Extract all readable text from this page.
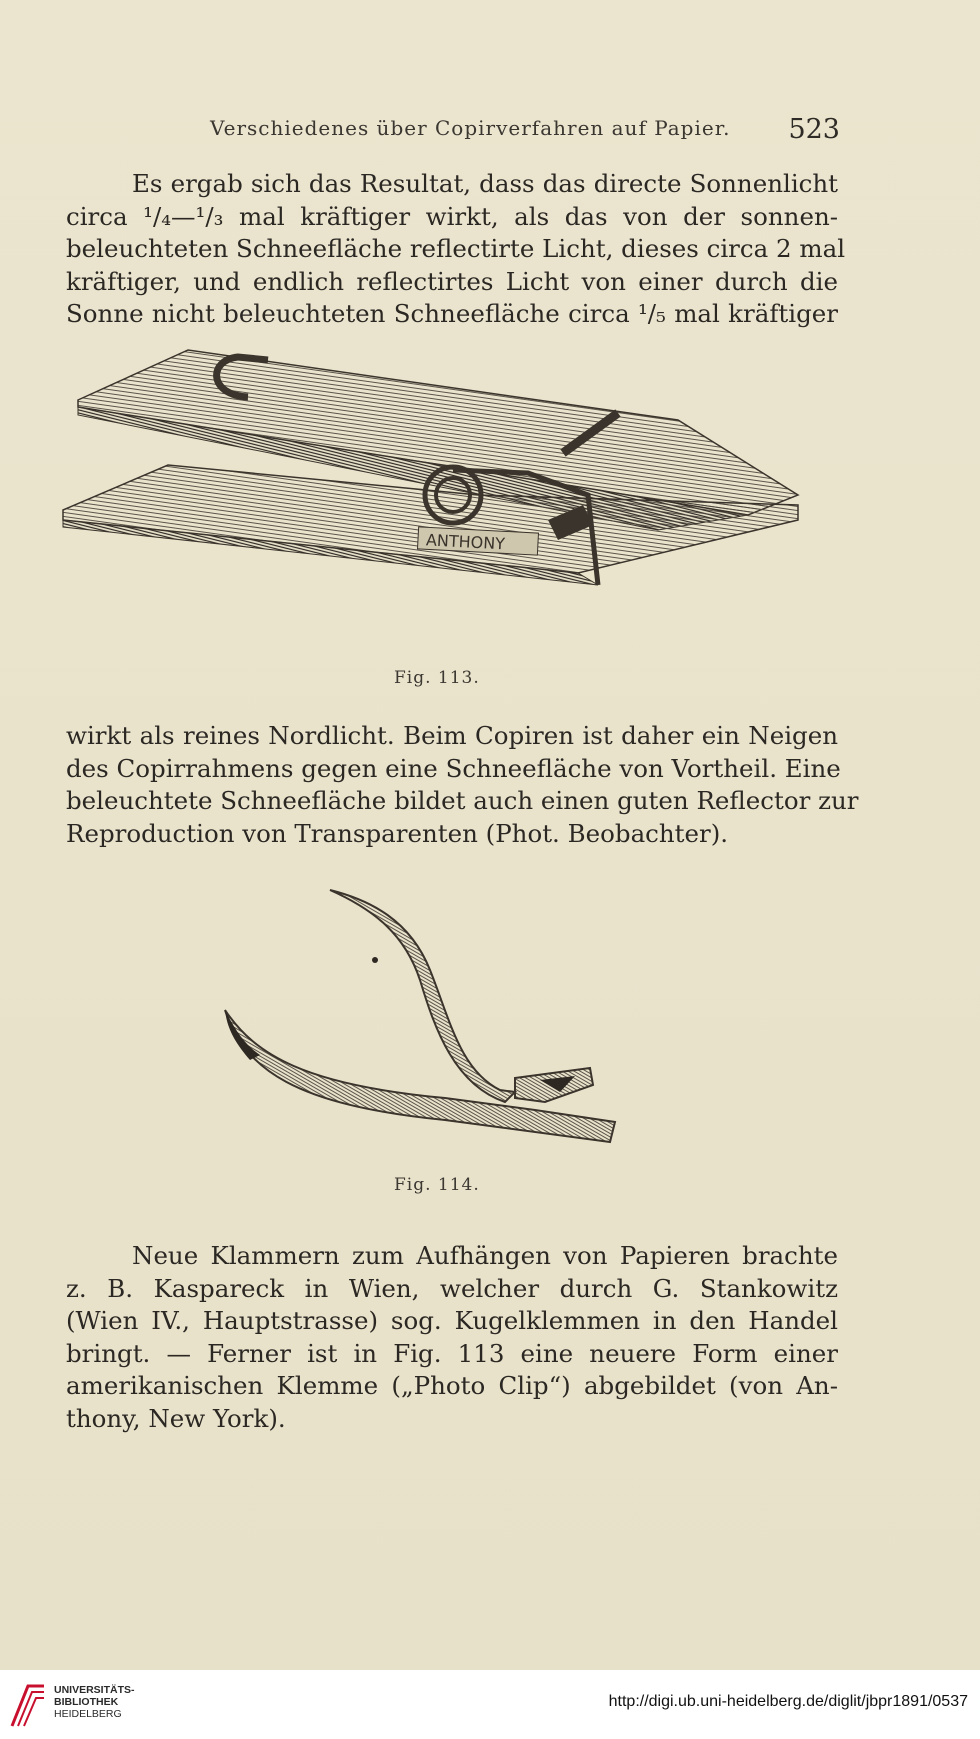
Verschiedenes über Copirverfahren auf Papier. 523
Es ergab sich das Resultat, dass das directe Sonnenlicht
circa ¹/₄—¹/₃ mal kräftiger wirkt, als das von der sonnen-
beleuchteten Schneefläche reflectirte Licht, dieses circa 2 mal
kräftiger, und endlich reflectirtes Licht von einer durch die
Sonne nicht beleuchteten Schneefläche circa ¹/₅ mal kräftiger
ANTHONY
Fig. 113.
wirkt als reines Nordlicht. Beim Copiren ist daher ein Neigen
des Copirrahmens gegen eine Schneefläche von Vortheil. Eine
beleuchtete Schneefläche bildet auch einen guten Reflector zur
Reproduction von Transparenten (Phot. Beobachter).
Fig. 114.
Neue Klammern zum Aufhängen von Papieren brachte
z. B. Kaspareck in Wien, welcher durch G. Stankowitz
(Wien IV., Hauptstrasse) sog. Kugelklemmen in den Handel
bringt. — Ferner ist in Fig. 113 eine neuere Form einer
amerikanischen Klemme („Photo Clip“) abgebildet (von An-
thony, New York).
UNIVERSITÄTS-
BIBLIOTHEK
HEIDELBERG
http://digi.ub.uni-heidelberg.de/diglit/jbpr1891/0537
